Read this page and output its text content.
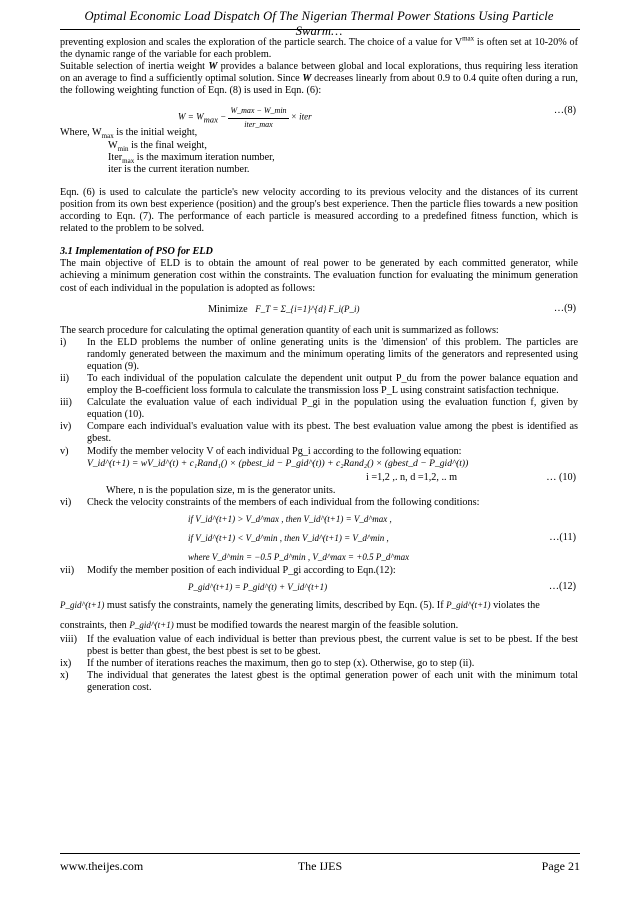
Optimal Economic Load Dispatch Of The Nigerian Thermal Power Stations Using Particle Swarm…

preventing explosion and scales the exploration of the particle search. The choice of a value for $V^{max}$ is often set at 10-20% of the dynamic range of the variable for each problem.

Suitable selection of inertia weight W provides a balance between global and local explorations, thus requiring less iteration on an average to find a sufficiently optimal solution. Since W decreases linearly from about 0.9 to 0.4 quite often during a run, the following weighting function of Eqn. (8) is used in Eqn. (6):

$W = W_{max} - \frac{W\_\max - W\_\min}{\text{iter\_max}}$ × iter
…(8)

Where, $W_{max}$ is the initial weight,

$W_{min}$ is the final weight,

Iter$_{max}$ is the maximum iteration number,

iter is the current iteration number.

Eqn. (6) is used to calculate the particle's new velocity according to its previous velocity and the distances of its current position from its own best experience (position) and the group's best experience. Then the particle flies towards a new position according to Eqn. (7). The performance of each particle is measured according to a predefined fitness function, which is related to the problem to be solved.

3.1 Implementation of PSO for ELD

The main objective of ELD is to obtain the amount of real power to be generated by each committed generator, while achieving a minimum generation cost within the constraints. The evaluation function for evaluating the minimum generation cost of each individual in the population is adopted as follows:

Minimize F_T = Σ_{i=1}^{d} F_i(P_i)	…(9)

The search procedure for calculating the optimal generation quantity of each unit is summarized as follows:

i) In the ELD problems the number of online generating units is the 'dimension' of this problem. The particles are randomly generated between the maximum and the minimum operating limits of the generators and represented using equation (9).
ii) To each individual of the population calculate the dependent unit output P_du from the power balance equation and employ the B-coefficient loss formula to calculate the transmission loss P_L using constraint satisfaction technique.
iii) Calculate the evaluation value of each individual P_gi in the population using the evaluation function f, given by equation (10).
iv) Compare each individual's evaluation value with its pbest. The best evaluation value among the pbest is identified as gbest.
v) Modify the member velocity V of each individual Pg_i according to the following equation:
V_id^(t+1) = wV_id^(t) + c₁Rand₁() × (pbest_id − P_gid^(t)) + c₂Rand₂() × (gbest_d − P_gid^(t))
i =1,2 ,. n, d =1,2, .. m	… (10)

Where, n is the population size, m is the generator units.

vi) Check the velocity constraints of the members of each individual from the following conditions:
if V_id^(t+1) > V_d^max , then V_id^(t+1) = V_d^max ,
if V_id^(t+1) < V_d^min , then V_id^(t+1) = V_d^min ,	…(11)
where V_d^min = −0.5 P_d^min , V_d^max = +0.5 P_d^max
vii) Modify the member position of each individual P_gi according to Eqn.(12):
P_gid^(t+1) = P_gid^(t) + V_id^(t+1)	…(12)

P_gid^(t+1) must satisfy the constraints, namely the generating limits, described by Eqn. (5). If P_gid^(t+1) violates the

constraints, then P_gid^(t+1) must be modified towards the nearest margin of the feasible solution.

viii) If the evaluation value of each individual is better than previous pbest, the current value is set to be pbest. If the best pbest is better than gbest, the best pbest is set to be gbest.
ix) If the number of iterations reaches the maximum, then go to step (x). Otherwise, go to step (ii).
x) The individual that generates the latest gbest is the optimal generation power of each unit with the minimum total generation cost.
www.theijes.com	The IJES	Page 21
